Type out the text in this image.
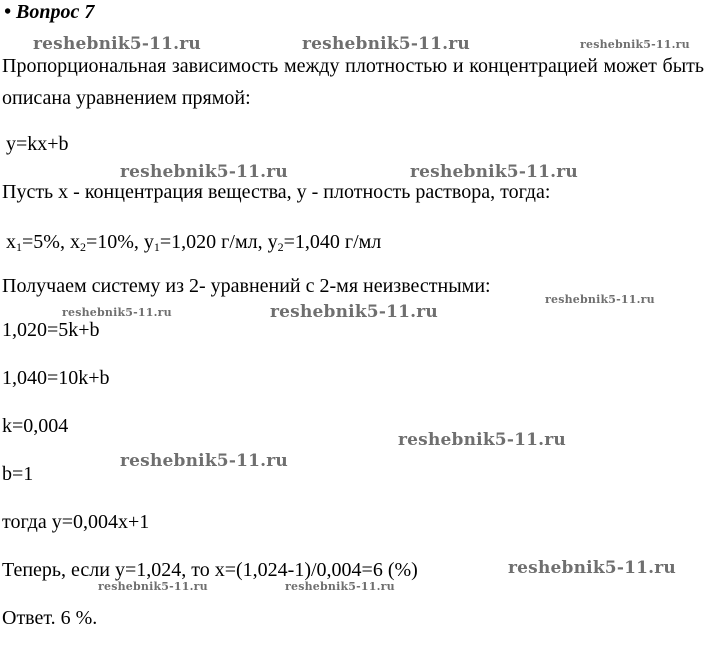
• Вопрос 7
reshebnik5-11.ru	reshebnik5-11.ru	reshebnik5-11.ru
Пропорциональная зависимость между плотностью и концентрацией может быть описана уравнением прямой:
y=kx+b
reshebnik5-11.ru	reshebnik5-11.ru
Пусть x - концентрация вещества, y - плотность раствора, тогда:
$x_1=5\%$, $x_2=10\%$, $y_1=1,020$ г/мл, $y_2=1,040$ г/мл
Получаем систему из 2- уравнений с 2-мя неизвестными:
reshebnik5-11.ru
reshebnik5-11.ru
reshebnik5-11.ru
1,020=5k+b
1,040=10k+b
k=0,004
reshebnik5-11.ru
reshebnik5-11.ru
b=1
тогда y=0,004x+1
Теперь, если y=1,024, то x=(1,024-1)/0,004=6 (%)	reshebnik5-11.ru
reshebnik5-11.ru	reshebnik5-11.ru
Ответ. 6 %.
